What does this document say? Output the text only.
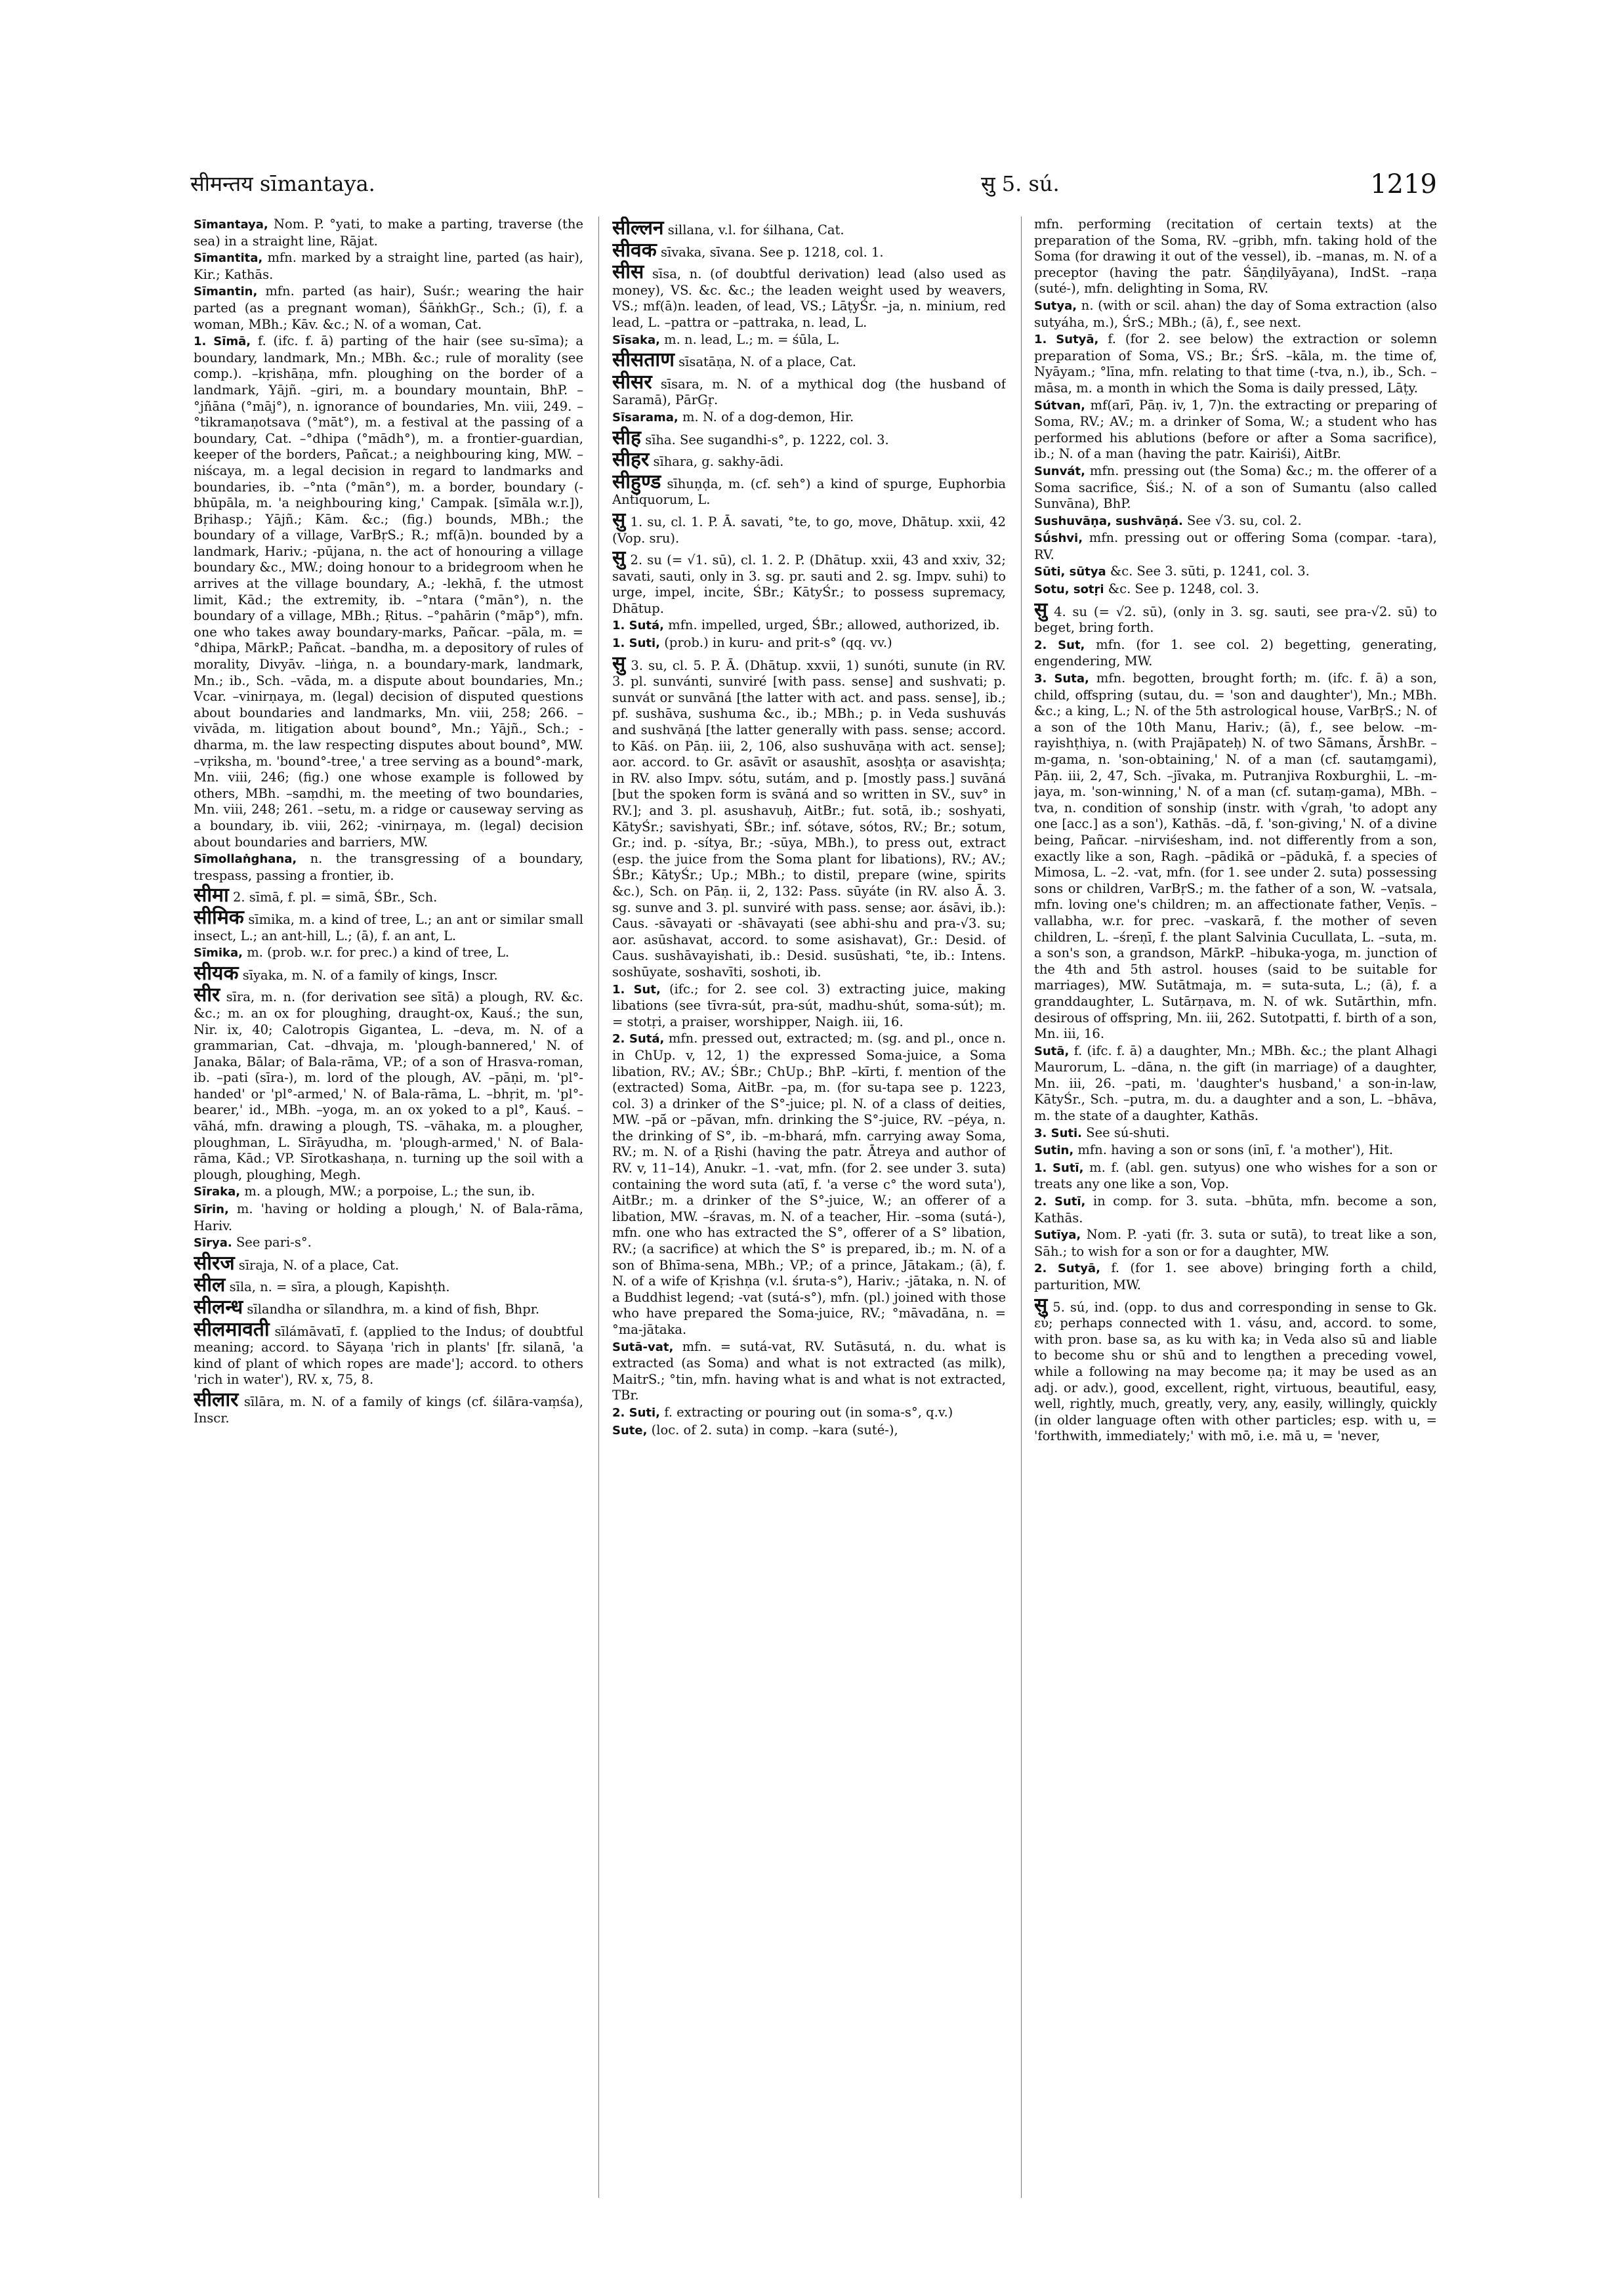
सीमन्तय sīmantaya.	सु 5. sú.	1219

Sīmantaya, Nom. P. °yati, to make a parting, traverse (the sea) in a straight line, Rājat.

Sīmantita, mfn. marked by a straight line, parted (as hair), Kir.; Kathās.

Sīmantin, mfn. parted (as hair), Suśr.; wearing the hair parted (as a pregnant woman), ŚāṅkhGṛ., Sch.; (ī), f. a woman, MBh.; Kāv. &c.; N. of a woman, Cat.

1. Sīmā, f. (ifc. f. ā) parting of the hair (see su-sīma); a boundary, landmark, Mn.; MBh. &c.; rule of morality (see comp.). –kṛishāṇa, mfn. ploughing on the border of a landmark, Yājñ. –giri, m. a boundary mountain, BhP. –°jñāna (°māj°), n. ignorance of boundaries, Mn. viii, 249. –°tikramaṇotsava (°māt°), m. a festival at the passing of a boundary, Cat. –°dhipa (°mādh°), m. a frontier-guardian, keeper of the borders, Pañcat.; a neighbouring king, MW. –niścaya, m. a legal decision in regard to landmarks and boundaries, ib. –°nta (°mān°), m. a border, boundary (-bhūpāla, m. 'a neighbouring king,' Campak. [sīmāla w.r.]), Bṛihasp.; Yājñ.; Kām. &c.; (fig.) bounds, MBh.; the boundary of a village, VarBṛS.; R.; mf(ā)n. bounded by a landmark, Hariv.; -pūjana, n. the act of honouring a village boundary &c., MW.; doing honour to a bridegroom when he arrives at the village boundary, A.; -lekhā, f. the utmost limit, Kād.; the extremity, ib. –°ntara (°mān°), n. the boundary of a village, MBh.; Ṛitus. –°pahārin (°māp°), mfn. one who takes away boundary-marks, Pañcar. –pāla, m. = °dhipa, MārkP.; Pañcat. –bandha, m. a depository of rules of morality, Divyāv. –liṅga, n. a boundary-mark, landmark, Mn.; ib., Sch. –vāda, m. a dispute about boundaries, Mn.; Vcar. –vinirṇaya, m. (legal) decision of disputed questions about boundaries and landmarks, Mn. viii, 258; 266. –vivāda, m. litigation about bound°, Mn.; Yājñ., Sch.; -dharma, m. the law respecting disputes about bound°, MW. –vṛiksha, m. 'bound°-tree,' a tree serving as a bound°-mark, Mn. viii, 246; (fig.) one whose example is followed by others, MBh. –saṃdhi, m. the meeting of two boundaries, Mn. viii, 248; 261. –setu, m. a ridge or causeway serving as a boundary, ib. viii, 262; -vinirṇaya, m. (legal) decision about boundaries and barriers, MW.

Sīmollaṅghana, n. the transgressing of a boundary, trespass, passing a frontier, ib.

सीमा 2. sīmā, f. pl. = simā, ŚBr., Sch.

सीमिक sīmika, m. a kind of tree, L.; an ant or similar small insect, L.; an ant-hill, L.; (ā), f. an ant, L.

Sīmika, m. (prob. w.r. for prec.) a kind of tree, L.

सीयक sīyaka, m. N. of a family of kings, Inscr.

सीर sīra, m. n. (for derivation see sītā) a plough, RV. &c. &c.; m. an ox for ploughing, draught-ox, Kauś.; the sun, Nir. ix, 40; Calotropis Gigantea, L. –deva, m. N. of a grammarian, Cat. –dhvaja, m. 'plough-bannered,' N. of Janaka, Bālar; of Bala-rāma, VP.; of a son of Hrasva-roman, ib. –pati (sīra-), m. lord of the plough, AV. –pāṇi, m. 'pl°-handed' or 'pl°-armed,' N. of Bala-rāma, L. –bhṛit, m. 'pl°-bearer,' id., MBh. –yoga, m. an ox yoked to a pl°, Kauś. –vāhá, mfn. drawing a plough, TS. –vāhaka, m. a plougher, ploughman, L. Sīrāyudha, m. 'plough-armed,' N. of Bala-rāma, Kād.; VP. Sīrotkashaṇa, n. turning up the soil with a plough, ploughing, Megh.

Sīraka, m. a plough, MW.; a porpoise, L.; the sun, ib.

Sīrin, m. 'having or holding a plough,' N. of Bala-rāma, Hariv.

Sīrya. See pari-s°.

सीरज sīraja, N. of a place, Cat.

सील sīla, n. = sīra, a plough, Kapishṭh.

सीलन्ध sīlandha or sīlandhra, m. a kind of fish, Bhpr.

सीलमावती sīlámāvatī, f. (applied to the Indus; of doubtful meaning; accord. to Sāyaṇa 'rich in plants' [fr. silanā, 'a kind of plant of which ropes are made']; accord. to others 'rich in water'), RV. x, 75, 8.

सीलार sīlāra, m. N. of a family of kings (cf. śilāra-vaṃśa), Inscr.

सील्लन sillana, v.l. for śilhana, Cat.

सीवक sīvaka, sīvana. See p. 1218, col. 1.

सीस sīsa, n. (of doubtful derivation) lead (also used as money), VS. &c. &c.; the leaden weight used by weavers, VS.; mf(ā)n. leaden, of lead, VS.; LāṭyŚr. –ja, n. minium, red lead, L. –pattra or –pattraka, n. lead, L.

Sīsaka, m. n. lead, L.; m. = śūla, L.

सीसताण sīsatāṇa, N. of a place, Cat.

सीसर sīsara, m. N. of a mythical dog (the husband of Saramā), PārGṛ.

Sīsarama, m. N. of a dog-demon, Hir.

सीह sīha. See sugandhi-s°, p. 1222, col. 3.

सीहर sīhara, g. sakhy-ādi.

सीहुण्ड sīhuṇḍa, m. (cf. seh°) a kind of spurge, Euphorbia Antiquorum, L.

सु 1. su, cl. 1. P. Ā. savati, °te, to go, move, Dhātup. xxii, 42 (Vop. sru).

सु 2. su (= √1. sū), cl. 1. 2. P. (Dhātup. xxii, 43 and xxiv, 32; savati, sauti, only in 3. sg. pr. sauti and 2. sg. Impv. suhi) to urge, impel, incite, ŚBr.; KātyŚr.; to possess supremacy, Dhātup.

1. Sutá, mfn. impelled, urged, ŚBr.; allowed, authorized, ib.

1. Suti, (prob.) in kuru- and prit-s° (qq. vv.)

सु 3. su, cl. 5. P. Ā. (Dhātup. xxvii, 1) sunóti, sunute (in RV. 3. pl. sunvánti, sunviré [with pass. sense] and sushvati; p. sunvát or sunvāná [the latter with act. and pass. sense], ib.; pf. sushāva, sushuma &c., ib.; MBh.; p. in Veda sushuvás and sushvāṇá [the latter generally with pass. sense; accord. to Kāś. on Pāṇ. iii, 2, 106, also sushuvāṇa with act. sense]; aor. accord. to Gr. asāvīt or asaushīt, asosḥṭa or asavishṭa; in RV. also Impv. sótu, sutám, and p. [mostly pass.] suvāná [but the spoken form is svāná and so written in SV., suv° in RV.]; and 3. pl. asushavuḥ, AitBr.; fut. sotā, ib.; soshyati, KātyŚr.; savishyati, ŚBr.; inf. sótave, sótos, RV.; Br.; sotum, Gr.; ind. p. -sítya, Br.; -sūya, MBh.), to press out, extract (esp. the juice from the Soma plant for libations), RV.; AV.; ŚBr.; KātyŚr.; Up.; MBh.; to distil, prepare (wine, spirits &c.), Sch. on Pāṇ. ii, 2, 132: Pass. sūyáte (in RV. also Ā. 3. sg. sunve and 3. pl. sunviré with pass. sense; aor. ásāvi, ib.): Caus. -sāvayati or -shāvayati (see abhi-shu and pra-√3. su; aor. asūshavat, accord. to some asishavat), Gr.: Desid. of Caus. sushāvayishati, ib.: Desid. susūshati, °te, ib.: Intens. soshūyate, soshavīti, soshoti, ib.

1. Sut, (ifc.; for 2. see col. 3) extracting juice, making libations (see tīvra-sút, pra-sút, madhu-shút, soma-sút); m. = stotṛi, a praiser, worshipper, Naigh. iii, 16.

2. Sutá, mfn. pressed out, extracted; m. (sg. and pl., once n. in ChUp. v, 12, 1) the expressed Soma-juice, a Soma libation, RV.; AV.; ŚBr.; ChUp.; BhP. –kīrti, f. mention of the (extracted) Soma, AitBr. –pa, m. (for su-tapa see p. 1223, col. 3) a drinker of the S°-juice; pl. N. of a class of deities, MW. –pā́ or –pā́van, mfn. drinking the S°-juice, RV. –péya, n. the drinking of S°, ib. –m-bhará, mfn. carrying away Soma, RV.; m. N. of a Ṛishi (having the patr. Ātreya and author of RV. v, 11–14), Anukr. –1. -vat, mfn. (for 2. see under 3. suta) containing the word suta (atī, f. 'a verse c° the word suta'), AitBr.; m. a drinker of the S°-juice, W.; an offerer of a libation, MW. –śravas, m. N. of a teacher, Hir. –soma (sutá-), mfn. one who has extracted the S°, offerer of a S° libation, RV.; (a sacrifice) at which the S° is prepared, ib.; m. N. of a son of Bhīma-sena, MBh.; VP.; of a prince, Jātakam.; (ā), f. N. of a wife of Kṛishṇa (v.l. śruta-s°), Hariv.; -jātaka, n. N. of a Buddhist legend; -vat (sutá-s°), mfn. (pl.) joined with those who have prepared the Soma-juice, RV.; °māvadāna, n. = °ma-jātaka.

Sutā-vat, mfn. = sutá-vat, RV. Sutāsutá, n. du. what is extracted (as Soma) and what is not extracted (as milk), MaitrS.; °tin, mfn. having what is and what is not extracted, TBr.

2. Suti, f. extracting or pouring out (in soma-s°, q.v.)

Sute, (loc. of 2. suta) in comp. –kara (suté-),

mfn. performing (recitation of certain texts) at the preparation of the Soma, RV. –gṛibh, mfn. taking hold of the Soma (for drawing it out of the vessel), ib. –manas, m. N. of a preceptor (having the patr. Śāṇḍilyāyana), IndSt. –raṇa (suté-), mfn. delighting in Soma, RV.

Sutya, n. (with or scil. ahan) the day of Soma extraction (also sutyáha, m.), ŚrS.; MBh.; (ā), f., see next.

1. Sutyā, f. (for 2. see below) the extraction or solemn preparation of Soma, VS.; Br.; ŚrS. –kāla, m. the time of, Nyāyam.; °līna, mfn. relating to that time (-tva, n.), ib., Sch. –māsa, m. a month in which the Soma is daily pressed, Lāṭy.

Sútvan, mf(arī, Pāṇ. iv, 1, 7)n. the extracting or preparing of Soma, RV.; AV.; m. a drinker of Soma, W.; a student who has performed his ablutions (before or after a Soma sacrifice), ib.; N. of a man (having the patr. Kairiśi), AitBr.

Sunvát, mfn. pressing out (the Soma) &c.; m. the offerer of a Soma sacrifice, Śiś.; N. of a son of Sumantu (also called Sunvāna), BhP.

Sushuvāṇa, sushvāṇá. See √3. su, col. 2.

Sū́shvi, mfn. pressing out or offering Soma (compar. -tara), RV.

Sūti, sūtya &c. See 3. sūti, p. 1241, col. 3.

Sotu, sotṛi &c. See p. 1248, col. 3.

सु 4. su (= √2. sū), (only in 3. sg. sauti, see pra-√2. sū) to beget, bring forth.

2. Sut, mfn. (for 1. see col. 2) begetting, generating, engendering, MW.

3. Suta, mfn. begotten, brought forth; m. (ifc. f. ā) a son, child, offspring (sutau, du. = 'son and daughter'), Mn.; MBh. &c.; a king, L.; N. of the 5th astrological house, VarBṛS.; N. of a son of the 10th Manu, Hariv.; (ā), f., see below. –m-rayishṭhiya, n. (with Prajāpateḥ) N. of two Sāmans, ĀrshBr. –m-gama, n. 'son-obtaining,' N. of a man (cf. sautaṃgami), Pāṇ. iii, 2, 47, Sch. –jīvaka, m. Putranjiva Roxburghii, L. –m-jaya, m. 'son-winning,' N. of a man (cf. sutaṃ-gama), MBh. –tva, n. condition of sonship (instr. with √grah, 'to adopt any one [acc.] as a son'), Kathās. –dā, f. 'son-giving,' N. of a divine being, Pañcar. –nirviśesham, ind. not differently from a son, exactly like a son, Ragh. –pādikā or –pādukā, f. a species of Mimosa, L. –2. -vat, mfn. (for 1. see under 2. suta) possessing sons or children, VarBṛS.; m. the father of a son, W. –vatsala, mfn. loving one's children; m. an affectionate father, Veṇīs. –vallabha, w.r. for prec. –vaskarā, f. the mother of seven children, L. –śreṇī, f. the plant Salvinia Cucullata, L. –suta, m. a son's son, a grandson, MārkP. –hibuka-yoga, m. junction of the 4th and 5th astrol. houses (said to be suitable for marriages), MW. Sutātmaja, m. = suta-suta, L.; (ā), f. a granddaughter, L. Sutārṇava, m. N. of wk. Sutārthin, mfn. desirous of offspring, Mn. iii, 262. Sutotpatti, f. birth of a son, Mn. iii, 16.

Sutā, f. (ifc. f. ā) a daughter, Mn.; MBh. &c.; the plant Alhagi Maurorum, L. –dāna, n. the gift (in marriage) of a daughter, Mn. iii, 26. –pati, m. 'daughter's husband,' a son-in-law, KātyŚr., Sch. –putra, m. du. a daughter and a son, L. –bhāva, m. the state of a daughter, Kathās.

3. Suti. See sú-shuti.

Sutin, mfn. having a son or sons (inī, f. 'a mother'), Hit.

1. Sutī, m. f. (abl. gen. sutyus) one who wishes for a son or treats any one like a son, Vop.

2. Sutī, in comp. for 3. suta. –bhūta, mfn. become a son, Kathās.

Sutīya, Nom. P. -yati (fr. 3. suta or sutā), to treat like a son, Sāh.; to wish for a son or for a daughter, MW.

2. Sutyā, f. (for 1. see above) bringing forth a child, parturition, MW.

सु 5. sú, ind. (opp. to dus and corresponding in sense to Gk. εὖ; perhaps connected with 1. vásu, and, accord. to some, with pron. base sa, as ku with ka; in Veda also sū and liable to become shu or shū and to lengthen a preceding vowel, while a following na may become ṇa; it may be used as an adj. or adv.), good, excellent, right, virtuous, beautiful, easy, well, rightly, much, greatly, very, any, easily, willingly, quickly (in older language often with other particles; esp. with u, = 'forthwith, immediately;' with mō, i.e. mā u, = 'never,
